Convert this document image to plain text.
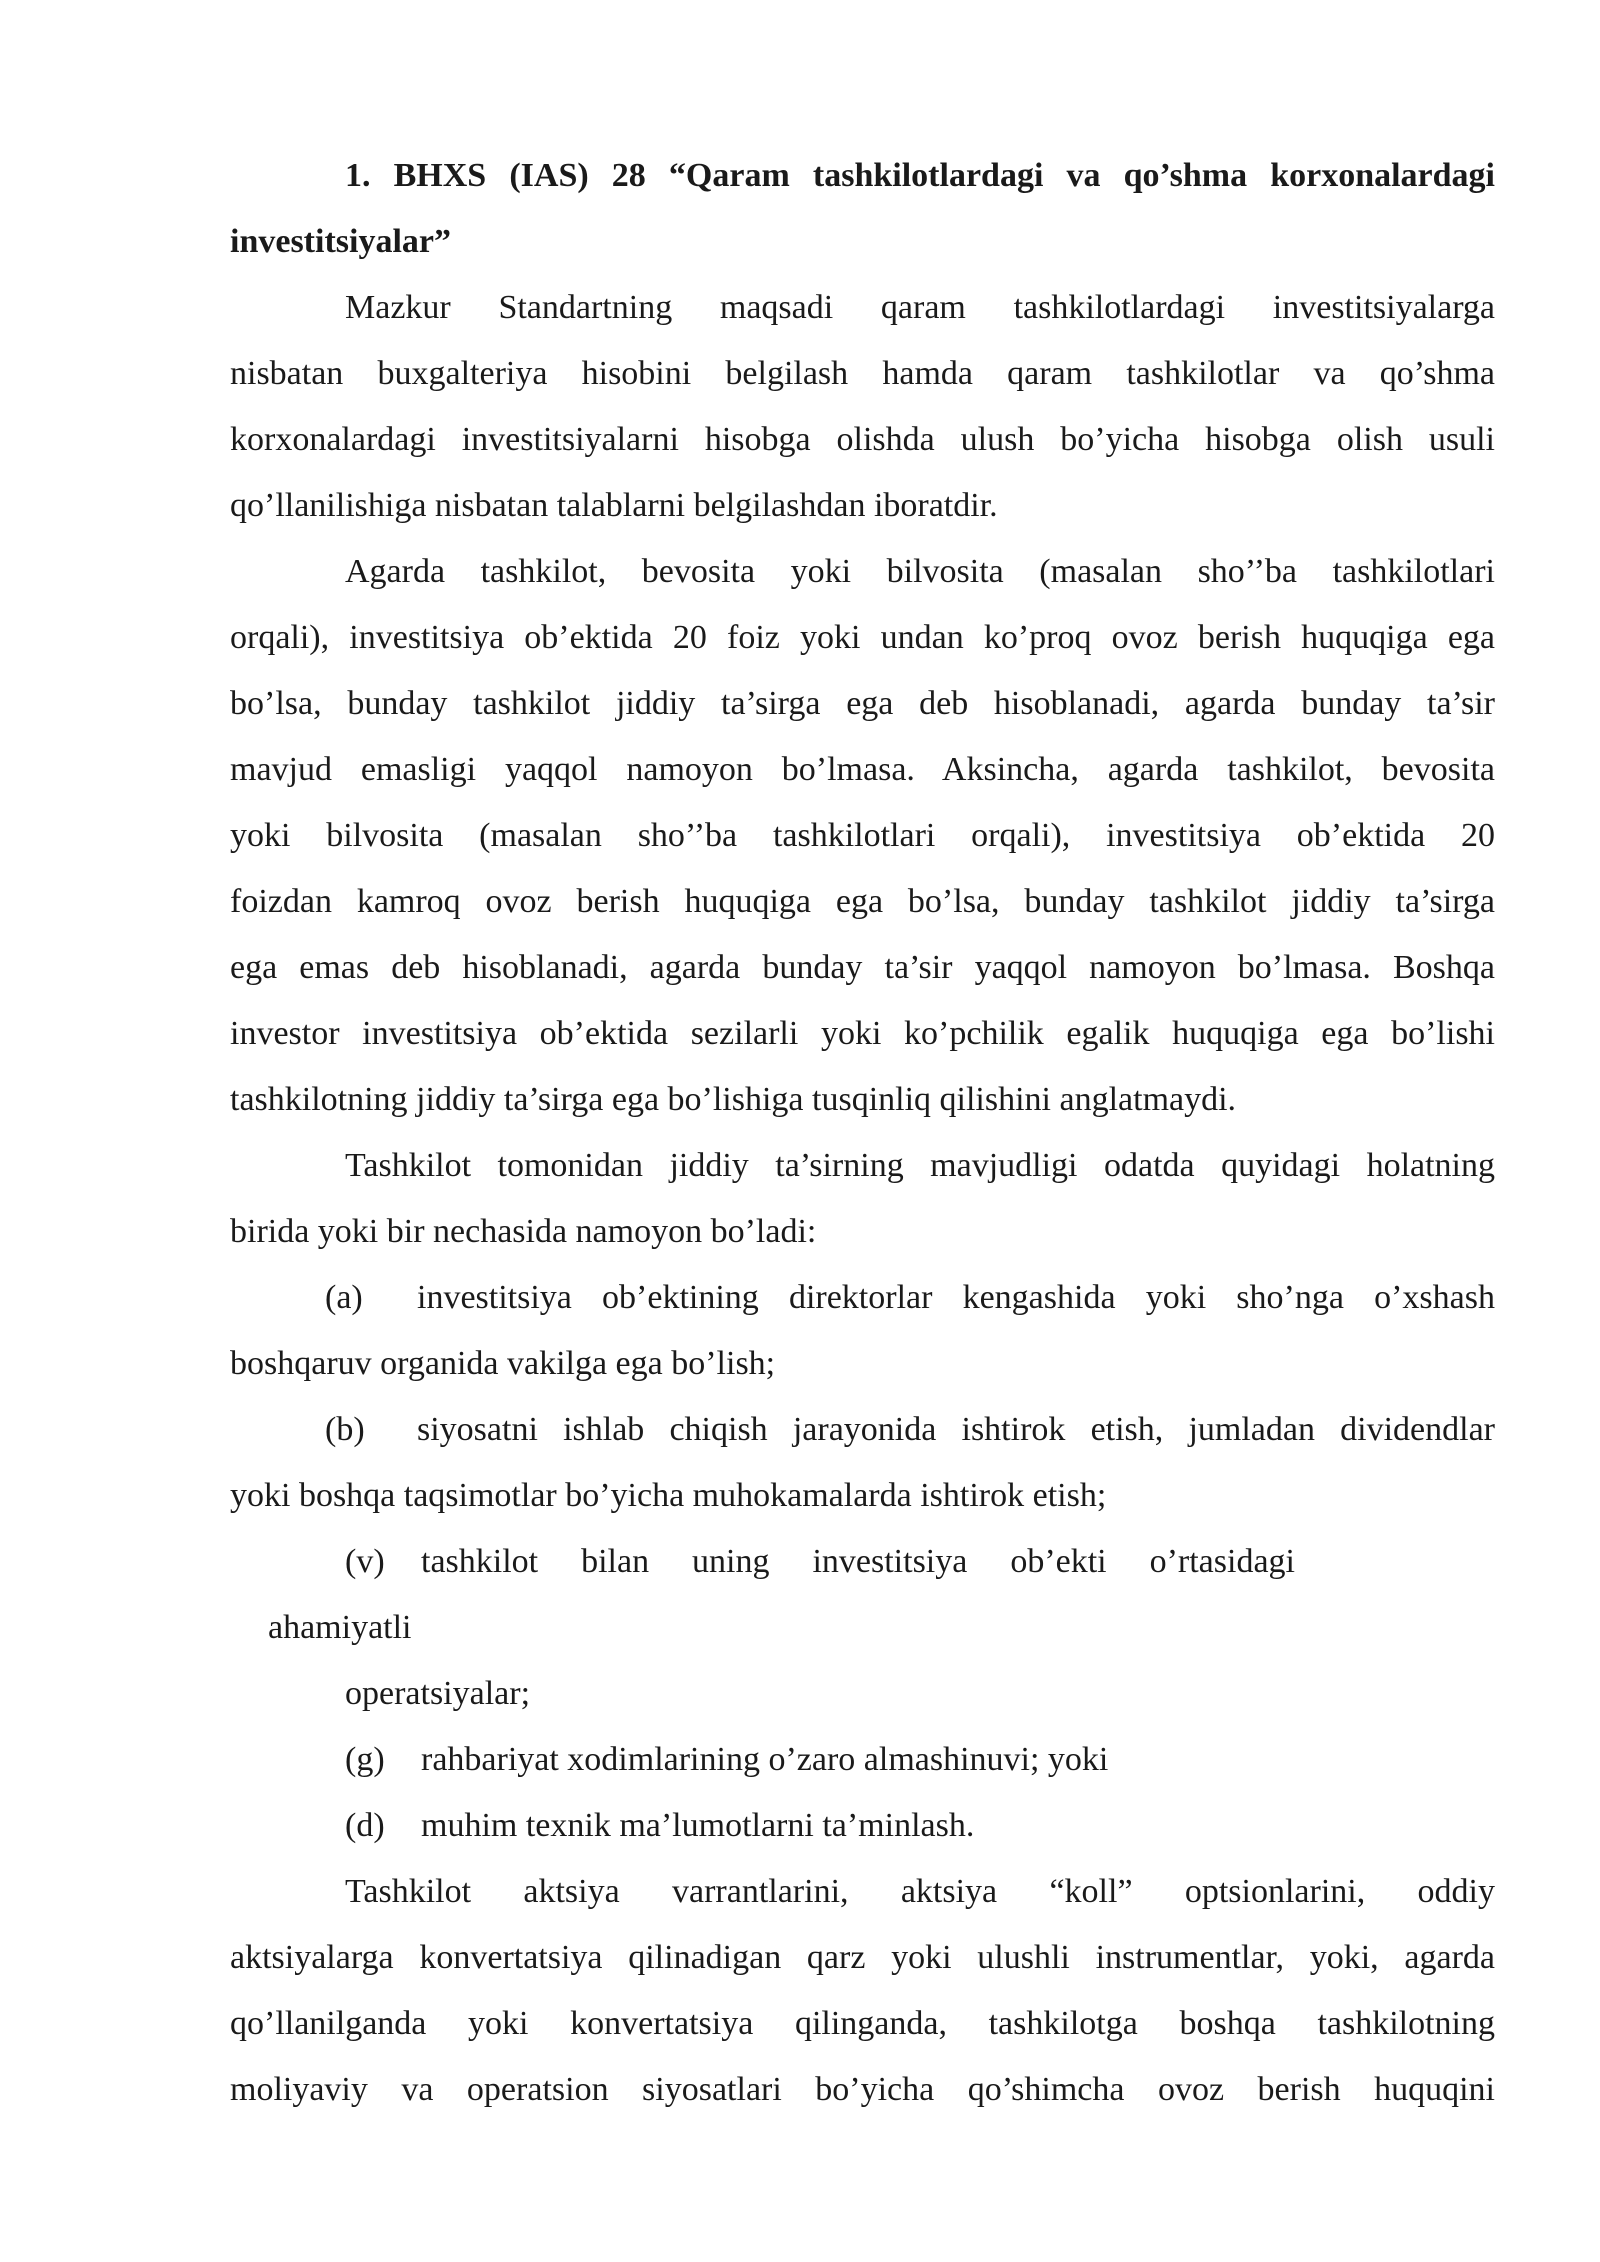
1. BHXS (IAS) 28 “Qaram tashkilotlardagi va qo’shma korxonalardagi
investitsiyalar”
Mazkur Standartning maqsadi qaram tashkilotlardagi investitsiyalarga
nisbatan buxgalteriya hisobini belgilash hamda qaram tashkilotlar va qo’shma
korxonalardagi investitsiyalarni hisobga olishda ulush bo’yicha hisobga olish usuli
qo’llanilishiga nisbatan talablarni belgilashdan iboratdir.
Agarda tashkilot, bevosita yoki bilvosita (masalan sho’’ba tashkilotlari
orqali), investitsiya ob’ektida 20 foiz yoki undan ko’proq ovoz berish huquqiga ega
bo’lsa, bunday tashkilot jiddiy ta’sirga ega deb hisoblanadi, agarda bunday ta’sir
mavjud emasligi yaqqol namoyon bo’lmasa. Aksincha, agarda tashkilot, bevosita
yoki bilvosita (masalan sho’’ba tashkilotlari orqali), investitsiya ob’ektida 20
foizdan kamroq ovoz berish huquqiga ega bo’lsa, bunday tashkilot jiddiy ta’sirga
ega emas deb hisoblanadi, agarda bunday ta’sir yaqqol namoyon bo’lmasa. Boshqa
investor investitsiya ob’ektida sezilarli yoki ko’pchilik egalik huquqiga ega bo’lishi
tashkilotning jiddiy ta’sirga ega bo’lishiga tusqinliq qilishini anglatmaydi.
Tashkilot tomonidan jiddiy ta’sirning mavjudligi odatda quyidagi holatning
birida yoki bir nechasida namoyon bo’ladi:
(a) investitsiya ob’ektining direktorlar kengashida yoki sho’nga o’xshash
boshqaruv organida vakilga ega bo’lish;
(b) siyosatni ishlab chiqish jarayonida ishtirok etish, jumladan dividendlar
yoki boshqa taqsimotlar bo’yicha muhokamalarda ishtirok etish;
(v) tashkilot bilan uning investitsiya ob’ekti o’rtasidagi
ahamiyatli
operatsiyalar;
(g) rahbariyat xodimlarining o’zaro almashinuvi; yoki
(d) muhim texnik ma’lumotlarni ta’minlash.
Tashkilot aktsiya varrantlarini, aktsiya “koll” optsionlarini, oddiy
aktsiyalarga konvertatsiya qilinadigan qarz yoki ulushli instrumentlar, yoki, agarda
qo’llanilganda yoki konvertatsiya qilinganda, tashkilotga boshqa tashkilotning
moliyaviy va operatsion siyosatlari bo’yicha qo’shimcha ovoz berish huquqini
